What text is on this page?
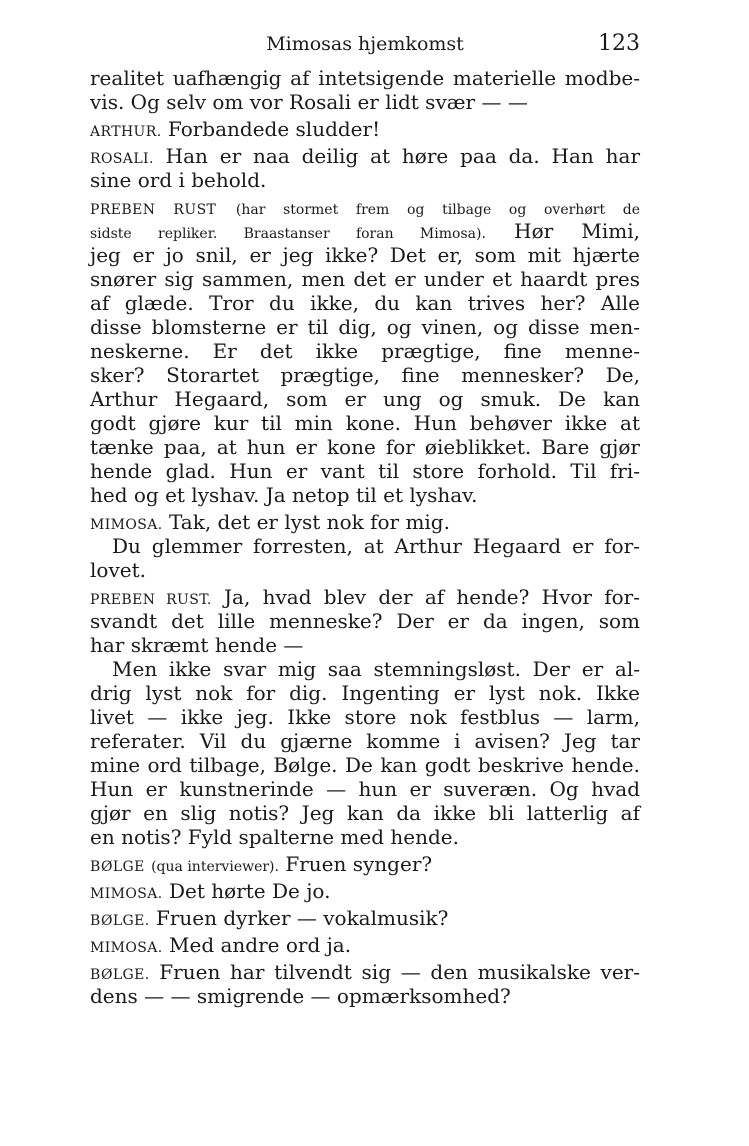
Mimosas hjemkomst	123
realitet uafhængig af intetsigende materielle modbe-
vis. Og selv om vor Rosali er lidt svær — —
ARTHUR. Forbandede sludder!
ROSALI. Han er naa deilig at høre paa da. Han har
sine ord i behold.
PREBEN RUST (har stormet frem og tilbage og overhørt de
sidste repliker. Braastanser foran Mimosa). Hør Mimi,
jeg er jo snil, er jeg ikke? Det er, som mit hjærte
snører sig sammen, men det er under et haardt pres
af glæde. Tror du ikke, du kan trives her? Alle
disse blomsterne er til dig, og vinen, og disse men-
neskerne. Er det ikke prægtige, fine menne-
sker? Storartet prægtige, fine mennesker? De,
Arthur Hegaard, som er ung og smuk. De kan
godt gjøre kur til min kone. Hun behøver ikke at
tænke paa, at hun er kone for øieblikket. Bare gjør
hende glad. Hun er vant til store forhold. Til fri-
hed og et lyshav. Ja netop til et lyshav.
MIMOSA. Tak, det er lyst nok for mig.
Du glemmer forresten, at Arthur Hegaard er for-
lovet.
PREBEN RUST. Ja, hvad blev der af hende? Hvor for-
svandt det lille menneske? Der er da ingen, som
har skræmt hende —
Men ikke svar mig saa stemningsløst. Der er al-
drig lyst nok for dig. Ingenting er lyst nok. Ikke
livet — ikke jeg. Ikke store nok festblus — larm,
referater. Vil du gjærne komme i avisen? Jeg tar
mine ord tilbage, Bølge. De kan godt beskrive hende.
Hun er kunstnerinde — hun er suveræn. Og hvad
gjør en slig notis? Jeg kan da ikke bli latterlig af
en notis? Fyld spalterne med hende.
BØLGE (qua interviewer). Fruen synger?
MIMOSA. Det hørte De jo.
BØLGE. Fruen dyrker — vokalmusik?
MIMOSA. Med andre ord ja.
BØLGE. Fruen har tilvendt sig — den musikalske ver-
dens — — smigrende — opmærksomhed?
